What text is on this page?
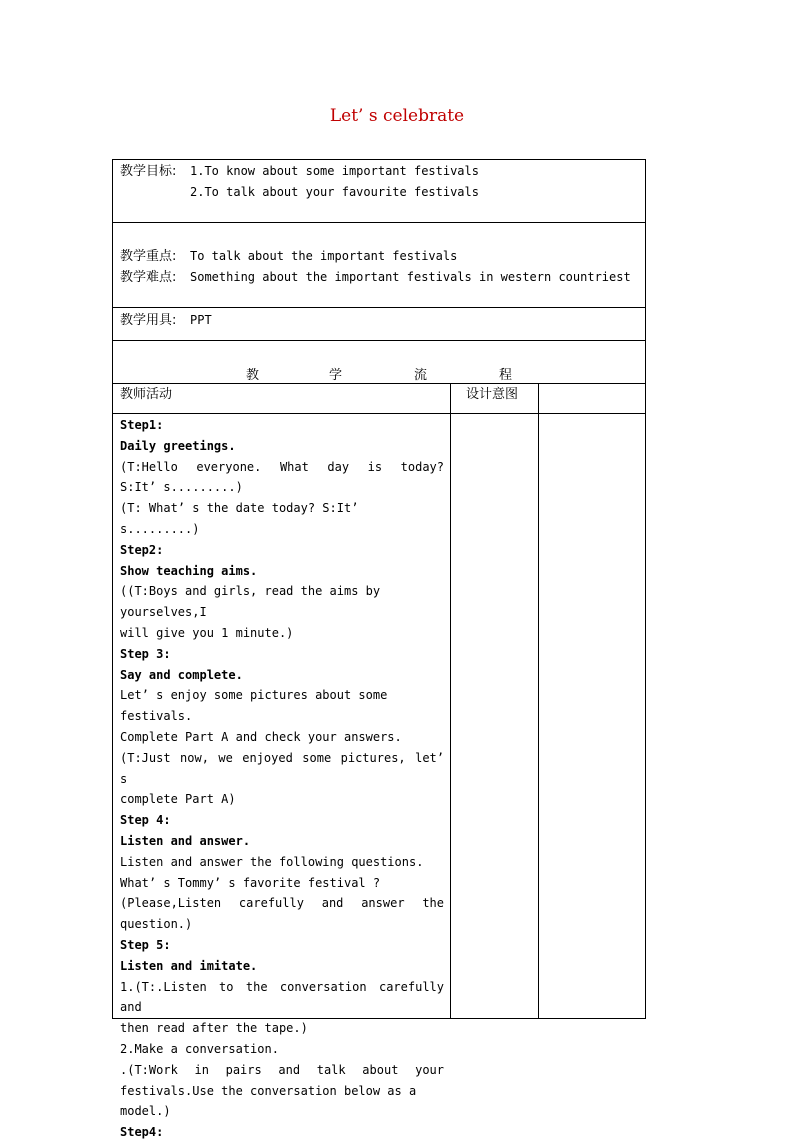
Let’ s celebrate
教学目标: 1.To know about some important festivals
2.To talk about your favourite festivals
教学重点: To talk about the important festivals
教学难点: Something about the important festivals in western countriest
教学用具: PPT
教	学	流	程
教师活动	设计意图
Step1:
Daily greetings.
(T:Hello everyone. What day is today?
S:It’ s.........)
(T: What’ s the date today? S:It’ s.........)
Step2:
Show teaching aims.
((T:Boys and girls, read the aims by yourselves,I
will give you 1 minute.)
Step 3:
Say and complete.
Let’ s enjoy some pictures about some festivals.
Complete Part A and check your answers.
(T:Just now, we enjoyed some pictures, let’ s
complete Part A)
Step 4:
Listen and answer.
Listen and answer the following questions.
What’ s Tommy’ s favorite festival ?
(Please,Listen carefully and answer the
question.)
Step 5:
Listen and imitate.
1.(T:.Listen to the conversation carefully and
then read after the tape.)
2.Make a conversation.
.(T:Work in pairs and talk about your
festivals.Use the conversation below as a model.)
Step4:
